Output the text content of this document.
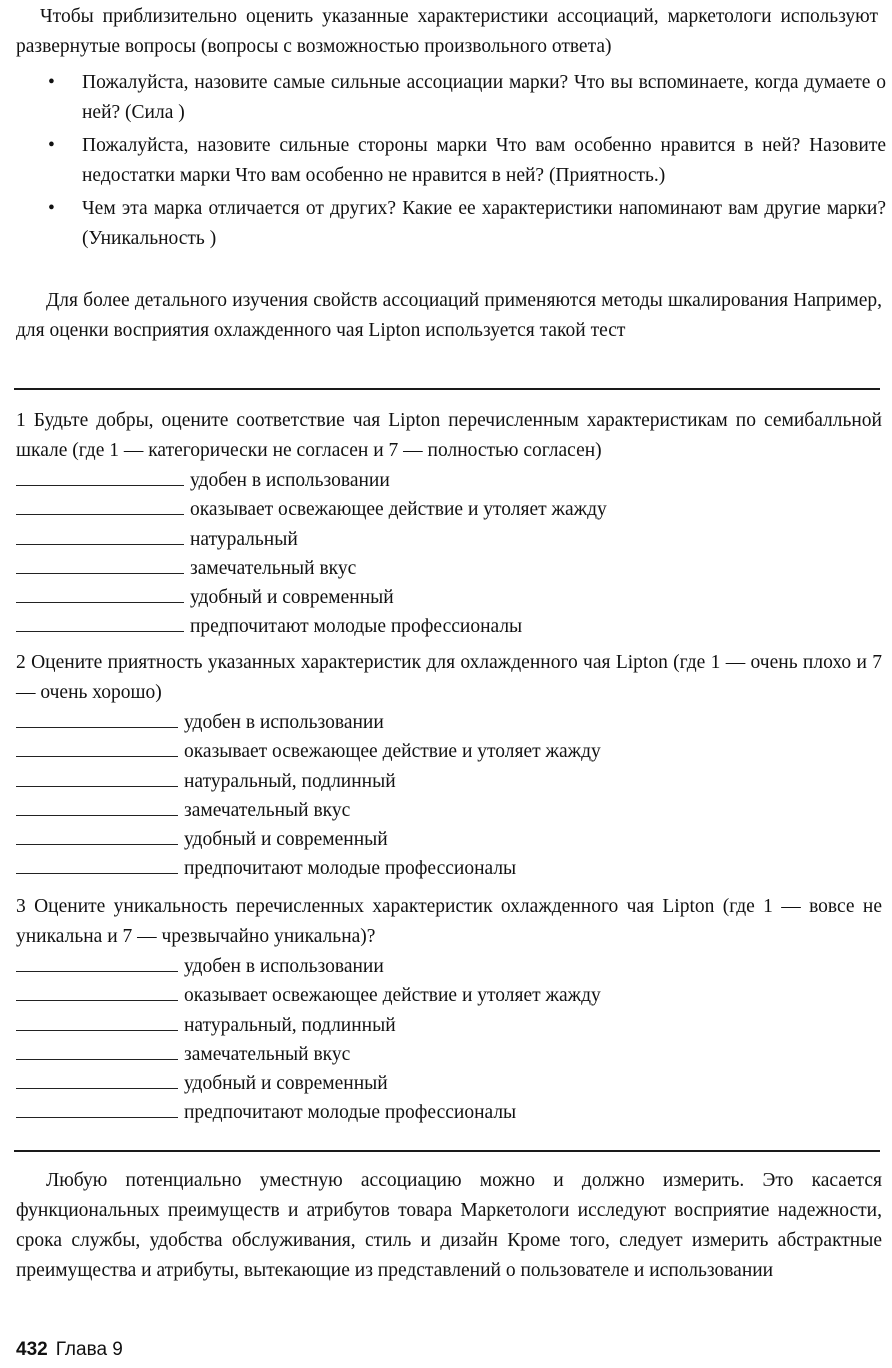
Чтобы приблизительно оценить указанные характеристики ассоциаций, маркетологи используют развернутые вопросы (вопросы с возможностью произвольного ответа)

• Пожалуйста, назовите самые сильные ассоциации марки? Что вы вспоминаете, когда думаете о ней? (Сила )
• Пожалуйста, назовите сильные стороны марки Что вам особенно нравится в ней? Назовите недостатки марки Что вам особенно не нравится в ней? (Приятность.)
• Чем эта марка отличается от других? Какие ее характеристики напоминают вам другие марки? (Уникальность )

Для более детального изучения свойств ассоциаций применяются методы шкалирования Например, для оценки восприятия охлажденного чая Lipton используется такой тест

1 Будьте добры, оцените соответствие чая Lipton перечисленным характеристикам по семибалльной шкале (где 1 — категорически не согласен и 7 — полностью согласен)

удобен в использовании
оказывает освежающее действие и утоляет жажду
натуральный
замечательный вкус
удобный и современный
предпочитают молодые профессионалы

2 Оцените приятность указанных характеристик для охлажденного чая Lipton (где 1 — очень плохо и 7 — очень хорошо)

удобен в использовании
оказывает освежающее действие и утоляет жажду
натуральный, подлинный
замечательный вкус
удобный и современный
предпочитают молодые профессионалы

3 Оцените уникальность перечисленных характеристик охлажденного чая Lipton (где 1 — вовсе не уникальна и 7 — чрезвычайно уникальна)?

удобен в использовании
оказывает освежающее действие и утоляет жажду
натуральный, подлинный
замечательный вкус
удобный и современный
предпочитают молодые профессионалы

Любую потенциально уместную ассоциацию можно и должно измерить. Это касается функциональных преимуществ и атрибутов товара Маркетологи исследуют восприятие надежности, срока службы, удобства обслуживания, стиль и дизайн Кроме того, следует измерить абстрактные преимущества и атрибуты, вытекающие из представлений о пользователе и использовании

432 Глава 9
